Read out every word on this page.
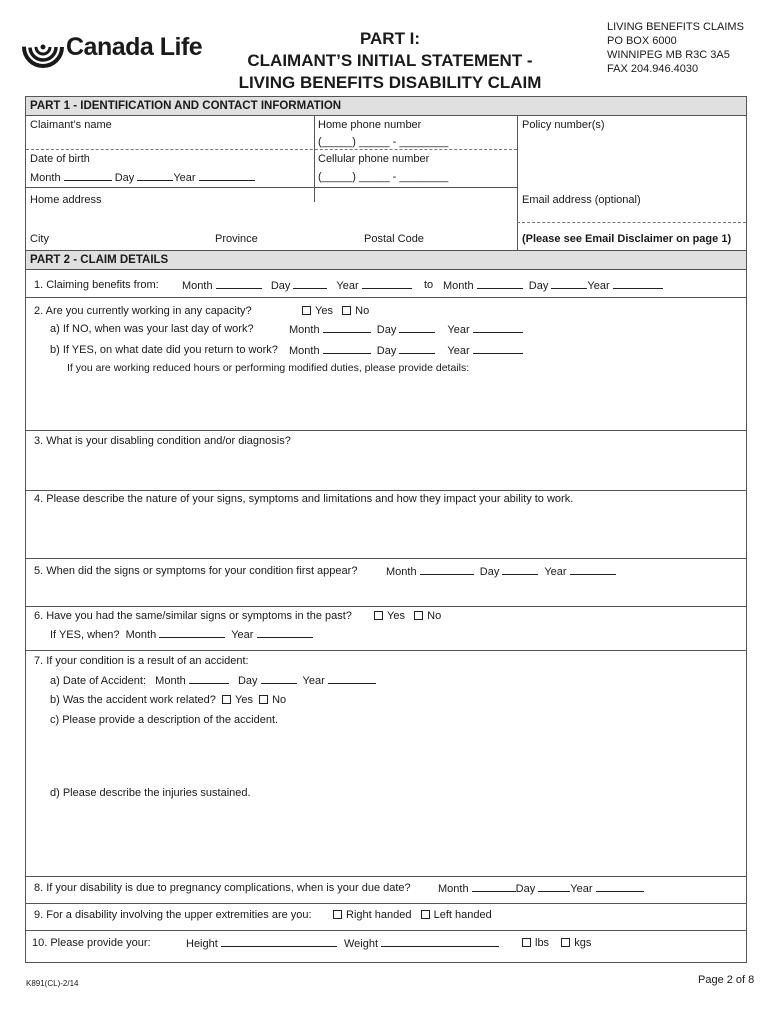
Canada Life	PART I:
CLAIMANT’S INITIAL STATEMENT -
LIVING BENEFITS DISABILITY CLAIM
LIVING BENEFITS CLAIMS
PO BOX 6000
WINNIPEG MB R3C 3A5
FAX 204.946.4030
PART 1 - IDENTIFICATION AND CONTACT INFORMATION
Claimant’s name	Home phone number
(_____) _____ - ________
Policy number(s)
Date of birth
Month	Day	Year
Cellular phone number
(_____) _____ - ________
Home address	Email address (optional)
City	Province	Postal Code	(Please see Email Disclaimer on page 1)
PART 2 - CLAIM DETAILS
1. Claiming benefits from: Month	Day	Year	to Month	Day	Year
2. Are you currently working in any capacity?	Yes No
a) If NO, when was your last day of work?	Month	Day	Year
b) If YES, on what date did you return to work? Month	Day	Year
If you are working reduced hours or performing modified duties, please provide details:
3. What is your disabling condition and/or diagnosis?
4. Please describe the nature of your signs, symptoms and limitations and how they impact your ability to work.
5. When did the signs or symptoms for your condition first appear?	Month	Day	Year
6. Have you had the same/similar signs or symptoms in the past?	Yes No
If YES, when? Month	Year
7. If your condition is a result of an accident:
a) Date of Accident: Month	Day	Year
b) Was the accident work related? Yes No
c) Please provide a description of the accident.
d) Please describe the injuries sustained.
8. If your disability is due to pregnancy complications, when is your due date? Month	Day	Year
9. For a disability involving the upper extremities are you:	Right handed Left handed
10. Please provide your:	Height	Weight	lbs kgs
K891(CL)-2/14	Page 2 of 8
